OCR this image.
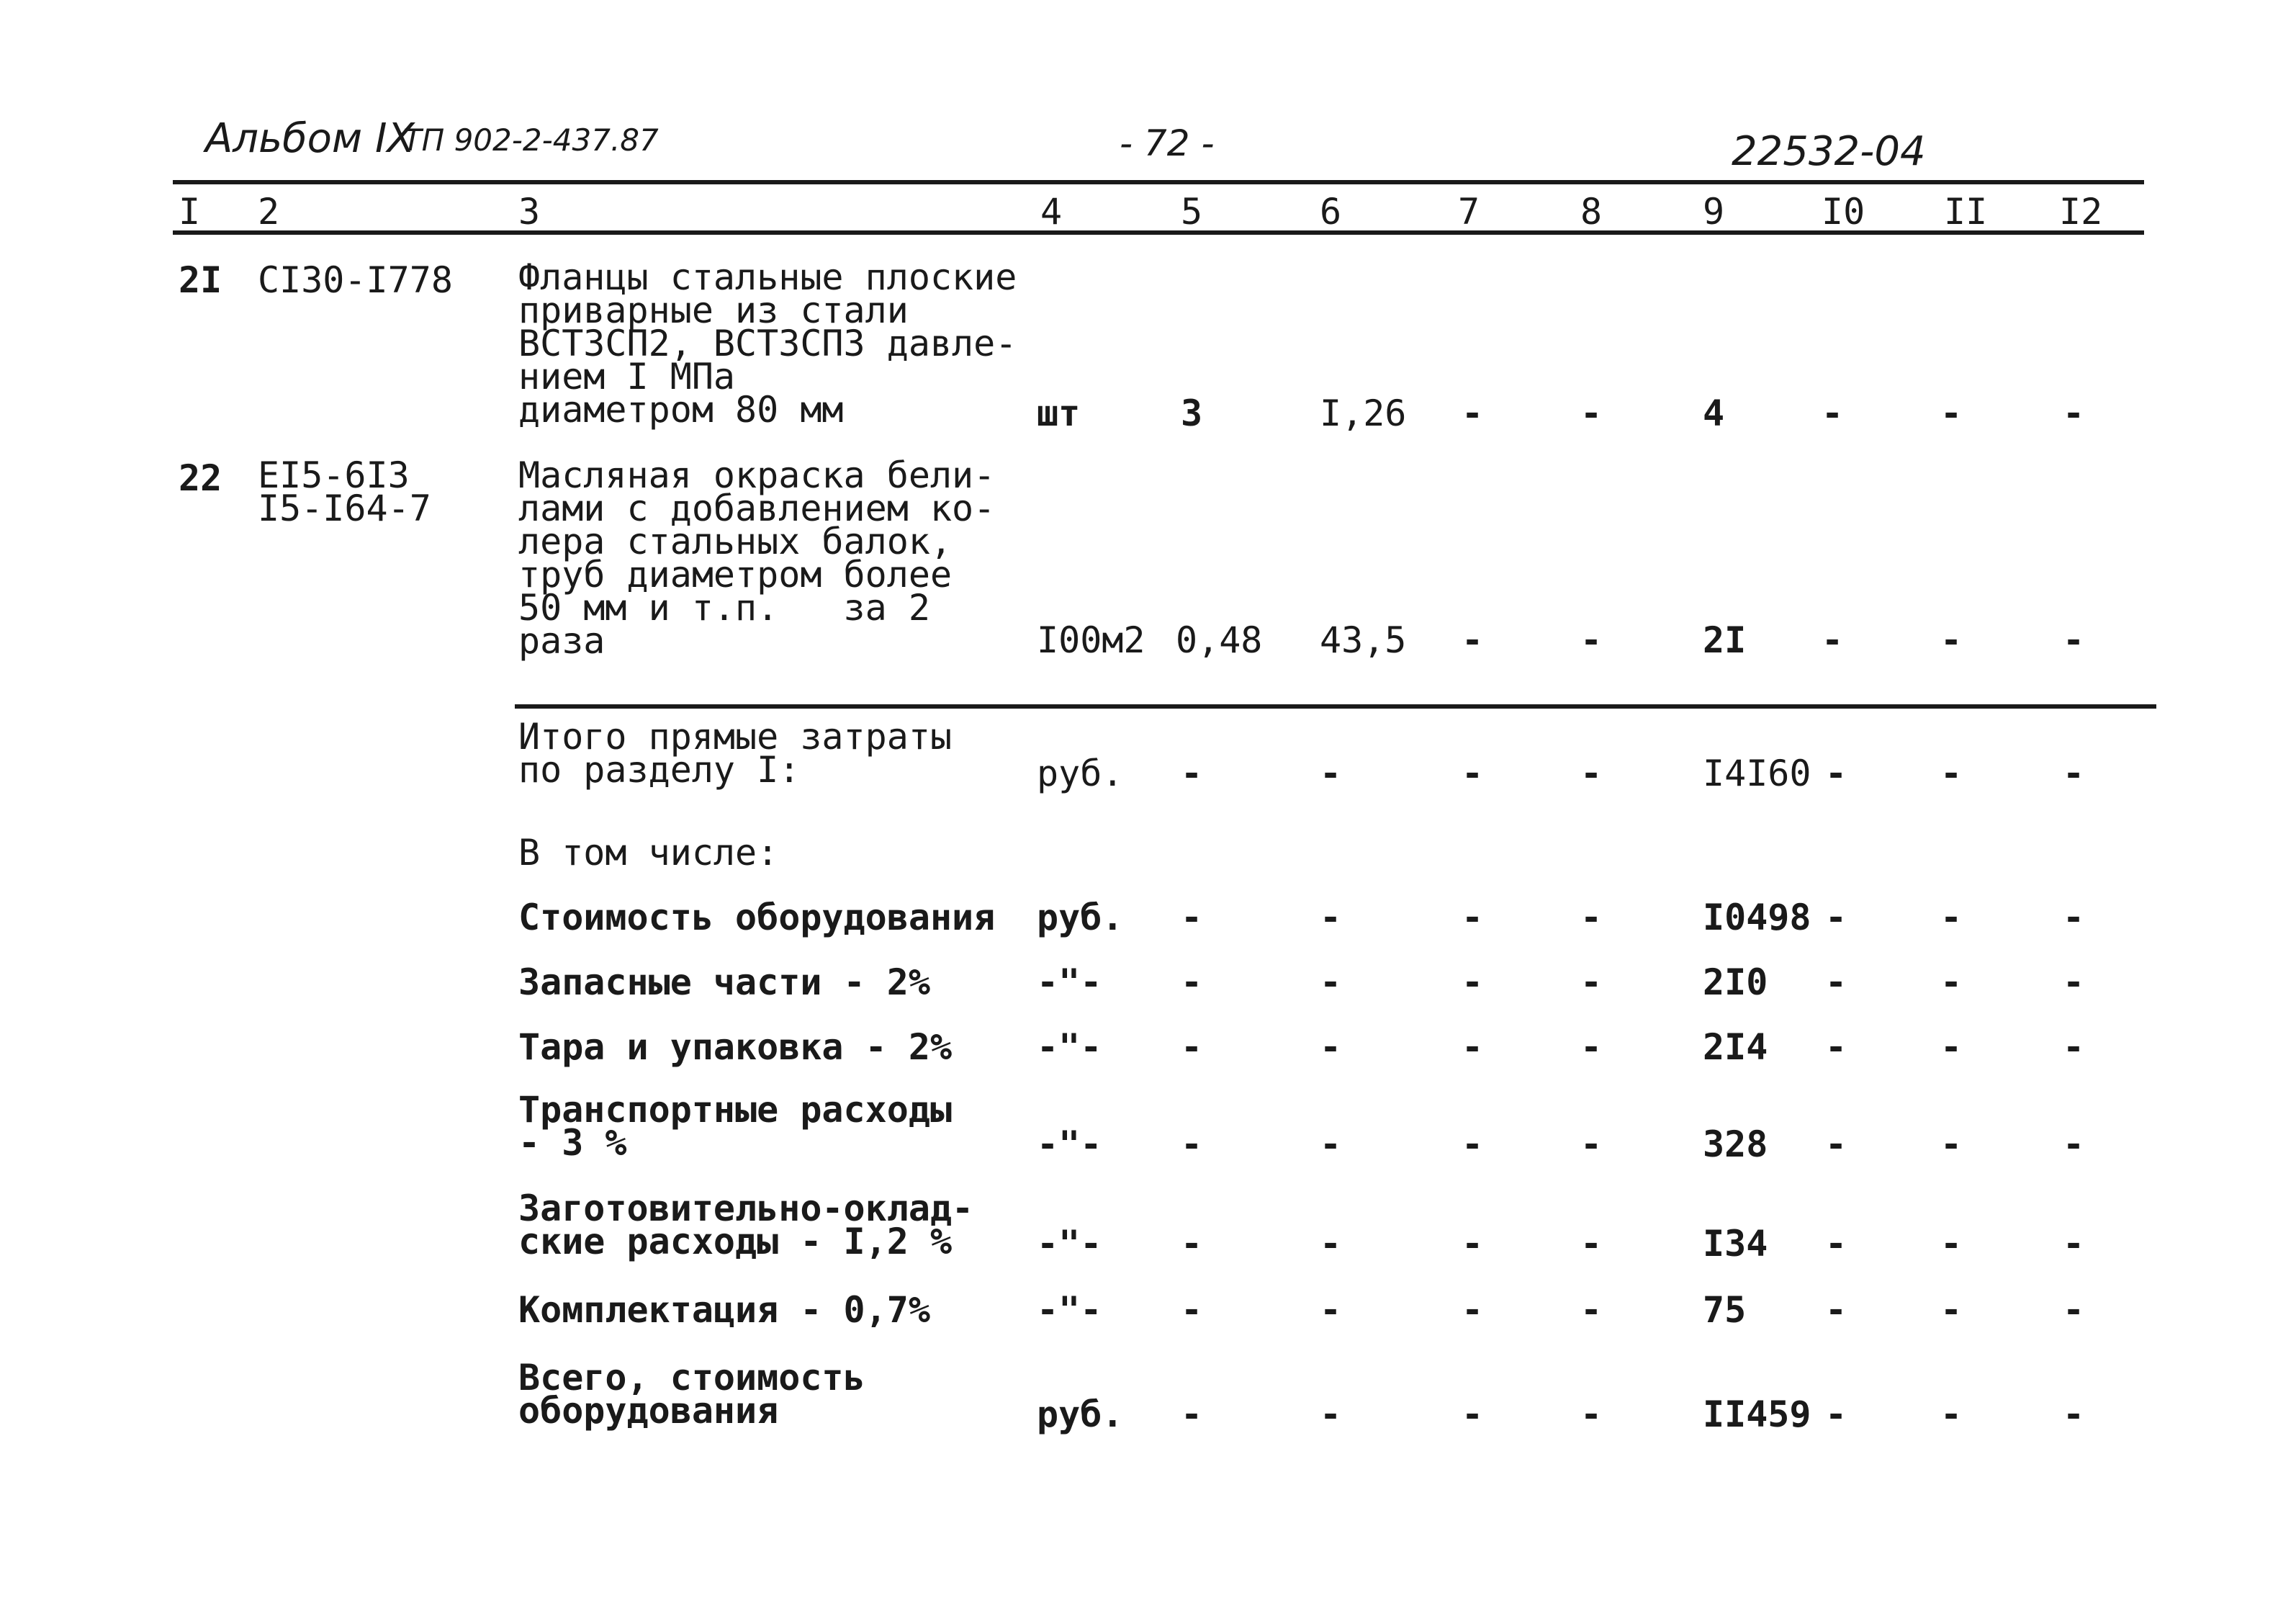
Альбом IX
ТП 902-2-437.87	- 72 -	22532-04
I 2	3	4	5	6	7	8	9	I0 II I2
2I CI30-I778 Фланцы стальные плоские
приварные из стали
ВСТ3СП2, ВСТ3СП3 давле-
нием I МПа
диаметром 80 мм	шт	3	I,26 -	-	4	-	-	-
22 EI5-6I3
I5-I64-7
Масляная окраска бели-
лами с добавлением ко-
лера стальных балок,
труб диаметром более
50 мм и т.п.   за 2
раза	I00м2 0,48 43,5 -	-	2I -	-	-
Итого прямые затраты
по разделу I:	руб. -	-	-	-	I4I60 -	-	-
В том числе:
Стоимость оборудования руб. -	-	-	-	I0498 -	-	-
Запасные части - 2%	-"- -	-	-	-	2I0 -	-	-
Тара и упаковка - 2% -"- -	-	-	-	2I4 -	-	-
Транспортные расходы
- 3 %	-"- -	-	-	-	328 -	-	-
Заготовительно-оклад-
ские расходы - I,2 %	-"- -	-	-	-	I34 -	-	-
Комплектация - 0,7%	-"- -	-	-	-	75 -	-	-
Всего, стоимость
оборудования	руб. -	-	-	-	II459 -	-	-
